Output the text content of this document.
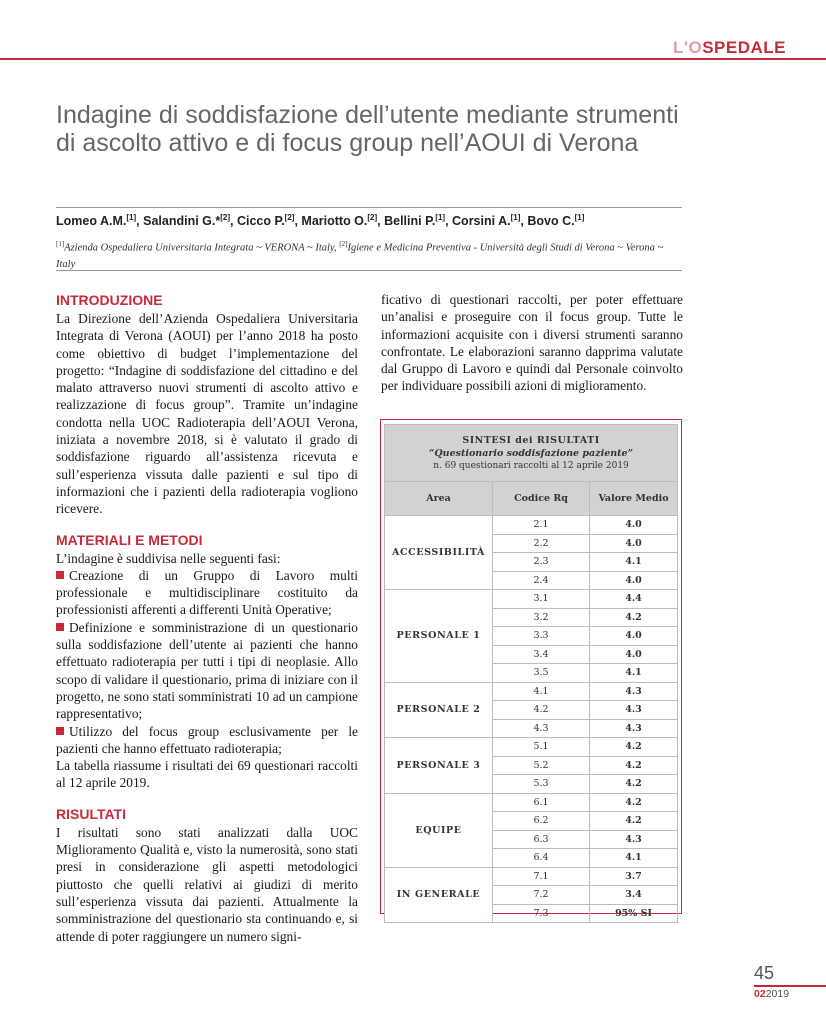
L'OSPEDALE
Indagine di soddisfazione dell’utente mediante strumenti di ascolto attivo e di focus group nell’AOUI di Verona
Lomeo A.M.[1], Salandini G.*[2], Cicco P.[2], Mariotto O.[2], Bellini P.[1], Corsini A.[1], Bovo C.[1]
[1]Azienda Ospedaliera Universitaria Integrata ~ VERONA ~ Italy, [2]Igiene e Medicina Preventiva - Università degli Studi di Verona ~ Verona ~ Italy
INTRODUZIONE

La Direzione dell’Azienda Ospedaliera Universitaria Integrata di Verona (AOUI) per l’anno 2018 ha posto come obiettivo di budget l’implementazione del progetto: “Indagine di soddisfazione del cittadino e del malato attraverso nuovi strumenti di ascolto attivo e realizzazione di focus group”. Tramite un’indagine condotta nella UOC Radioterapia dell’AOUI Verona, iniziata a novembre 2018, si è valutato il grado di soddisfazione riguardo all’assistenza ricevuta e sull’esperienza vissuta dalle pazienti e sul tipo di informazioni che i pazienti della radioterapia vogliono ricevere.

MATERIALI E METODI

L’indagine è suddivisa nelle seguenti fasi:

Creazione di un Gruppo di Lavoro multi professionale e multidisciplinare costituito da professionisti afferenti a differenti Unità Operative;

Definizione e somministrazione di un questionario sulla soddisfazione dell’utente ai pazienti che hanno effettuato radioterapia per tutti i tipi di neoplasie. Allo scopo di validare il questionario, prima di iniziare con il progetto, ne sono stati somministrati 10 ad un campione rappresentativo;

Utilizzo del focus group esclusivamente per le pazienti che hanno effettuato radioterapia;

La tabella riassume i risultati dei 69 questionari raccolti al 12 aprile 2019.

RISULTATI

I risultati sono stati analizzati dalla UOC Miglioramento Qualità e, visto la numerosità, sono stati presi in considerazione gli aspetti metodologici piuttosto che quelli relativi ai giudizi di merito sull’esperienza vissuta dai pazienti. Attualmente la somministrazione del questionario sta continuando e, si attende di poter raggiungere un numero signi-

ficativo di questionari raccolti, per poter effettuare un’analisi e proseguire con il focus group. Tutte le informazioni acquisite con i diversi strumenti saranno confrontate. Le elaborazioni saranno dapprima valutate dal Gruppo di Lavoro e quindi dal Personale coinvolto per individuare possibili azioni di miglioramento.

SINTESI dei RISULTATI
“Questionario soddisfazione paziente”
n. 69 questionari raccolti al 12 aprile 2019		

Area	Codice Rq	Valore Medio
ACCESSIBILITÀ	2.1	4.0
	2.2	4.0
	2.3	4.1
	2.4	4.0
PERSONALE 1	3.1	4.4
	3.2	4.2
	3.3	4.0
	3.4	4.0
	3.5	4.1
PERSONALE 2	4.1	4.3
	4.2	4.3
	4.3	4.3
PERSONALE 3	5.1	4.2
	5.2	4.2
	5.3	4.2
EQUIPE	6.1	4.2
	6.2	4.2
	6.3	4.3
	6.4	4.1
IN GENERALE	7.1	3.7
	7.2	3.4
	7.3	95% SI
45
022019
